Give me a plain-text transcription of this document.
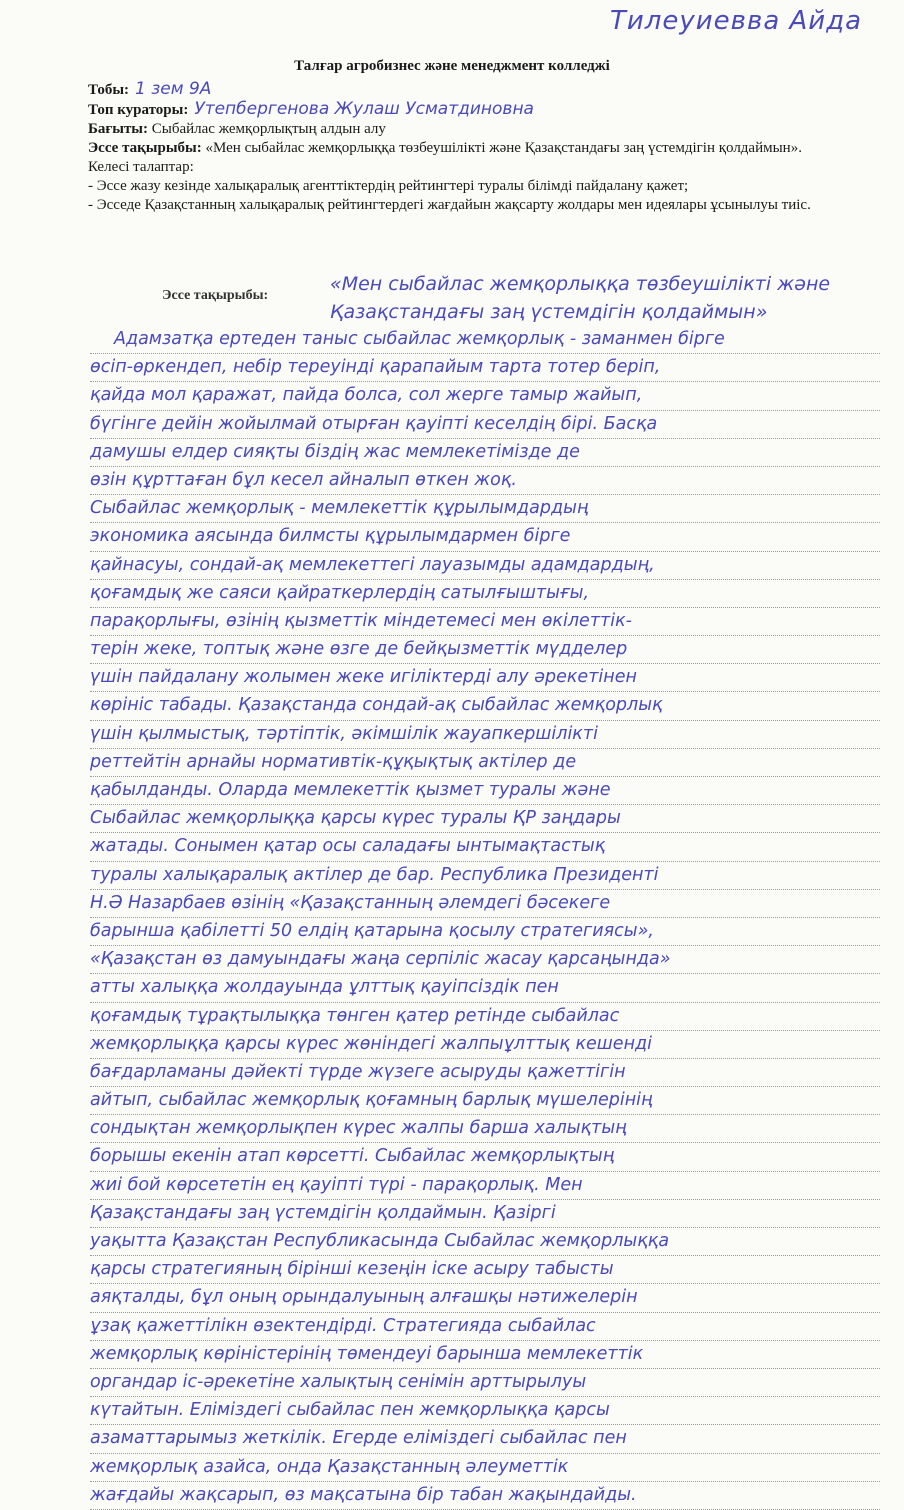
Тилеуиевва Айда
Талғар агробизнес және менеджмент колледжі
Тобы: 1 зем 9А
Топ кураторы: Утепбергенова Жулаш Усматдиновна
Бағыты: Сыбайлас жемқорлықтың алдын алу
Эссе тақырыбы: «Мен сыбайлас жемқорлыққа төзбеушілікті және Қазақстандағы заң үстемдігін қолдаймын».
Келесі талаптар:
- Эссе жазу кезінде халықаралық агенттіктердің рейтингтері туралы білімді пайдалану қажет;
- Эсседе Қазақстанның халықаралық рейтингтердегі жағдайын жақсарту жолдары мен идеялары ұсынылуы тиіс.
Эссе тақырыбы:
«Мен сыбайлас жемқорлыққа төзбеушілікті және Қазақстандағы заң үстемдігін қолдаймын»
Адамзатқа ертеден таныс сыбайлас жемқорлық - заманмен бірге
өсіп-өркендеп, небір тереуінді қарапайым тарта тотер беріп,
қайда мол қаражат, пайда болса, сол жерге тамыр жайып,
бүгінге дейін жойылмай отырған қауіпті кеселдің бірі. Басқа
дамушы елдер сияқты біздің жас мемлекетімізде де
өзін құрттаған бұл кесел айналып өткен жоқ.
Сыбайлас жемқорлық - мемлекеттік құрылымдардың
экономика аясында билмсты құрылымдармен бірге
қайнасуы, сондай-ақ мемлекеттегі лауазымды адамдардың,
қоғамдық же саяси қайраткерлердің сатылғыштығы,
парақорлығы, өзінің қызметтік міндетемесі мен өкілеттік-
терін жеке, топтық және өзге де бейқызметтік мүдделер
үшін пайдалану жолымен жеке игіліктерді алу әрекетінен
көрініс табады. Қазақстанда сондай-ақ сыбайлас жемқорлық
үшін қылмыстық, тәртіптік, әкімшілік жауапкершілікті
реттейтін арнайы нормативтік-құқықтық актілер де
қабылданды. Оларда мемлекеттік қызмет туралы және
Сыбайлас жемқорлыққа қарсы күрес туралы ҚР заңдары
жатады. Сонымен қатар осы саладағы ынтымақтастық
туралы халықаралық актілер де бар. Республика Президенті
Н.Ә Назарбаев өзінің «Қазақстанның әлемдегі бәсекеге
барынша қабілетті 50 елдің қатарына қосылу стратегиясы»,
«Қазақстан өз дамуындағы жаңа серпіліс жасау қарсаңында»
атты халыққа жолдауында ұлттық қауіпсіздік пен
қоғамдық тұрақтылыққа төнген қатер ретінде сыбайлас
жемқорлыққа қарсы күрес жөніндегі жалпыұлттық кешенді
бағдарламаны дәйекті түрде жүзеге асыруды қажеттігін
айтып, сыбайлас жемқорлық қоғамның барлық мүшелерінің
сондықтан жемқорлықпен күрес жалпы барша халықтың
борышы екенін атап көрсетті. Сыбайлас жемқорлықтың
жиі бой көрсететін ең қауіпті түрі - парақорлық. Мен
Қазақстандағы заң үстемдігін қолдаймын. Қазіргі
уақытта Қазақстан Республикасында Сыбайлас жемқорлыққа
қарсы стратегияның бірінші кезеңін іске асыру табысты
аяқталды, бұл оның орындалуының алғашқы нәтижелерін
ұзақ қажеттілікн өзектендірді. Стратегияда сыбайлас
жемқорлық көріністерінің төмендеуі барынша мемлекеттік
органдар іс-әрекетіне халықтың сенімін арттырылуы
күтайтын. Еліміздегі сыбайлас пен жемқорлыққа қарсы
азаматтарымыз жеткілік. Егерде еліміздегі сыбайлас пен
жемқорлық азайса, онда Қазақстанның әлеуметтік
жағдайы жақсарып, өз мақсатына бір табан жақындайды.
